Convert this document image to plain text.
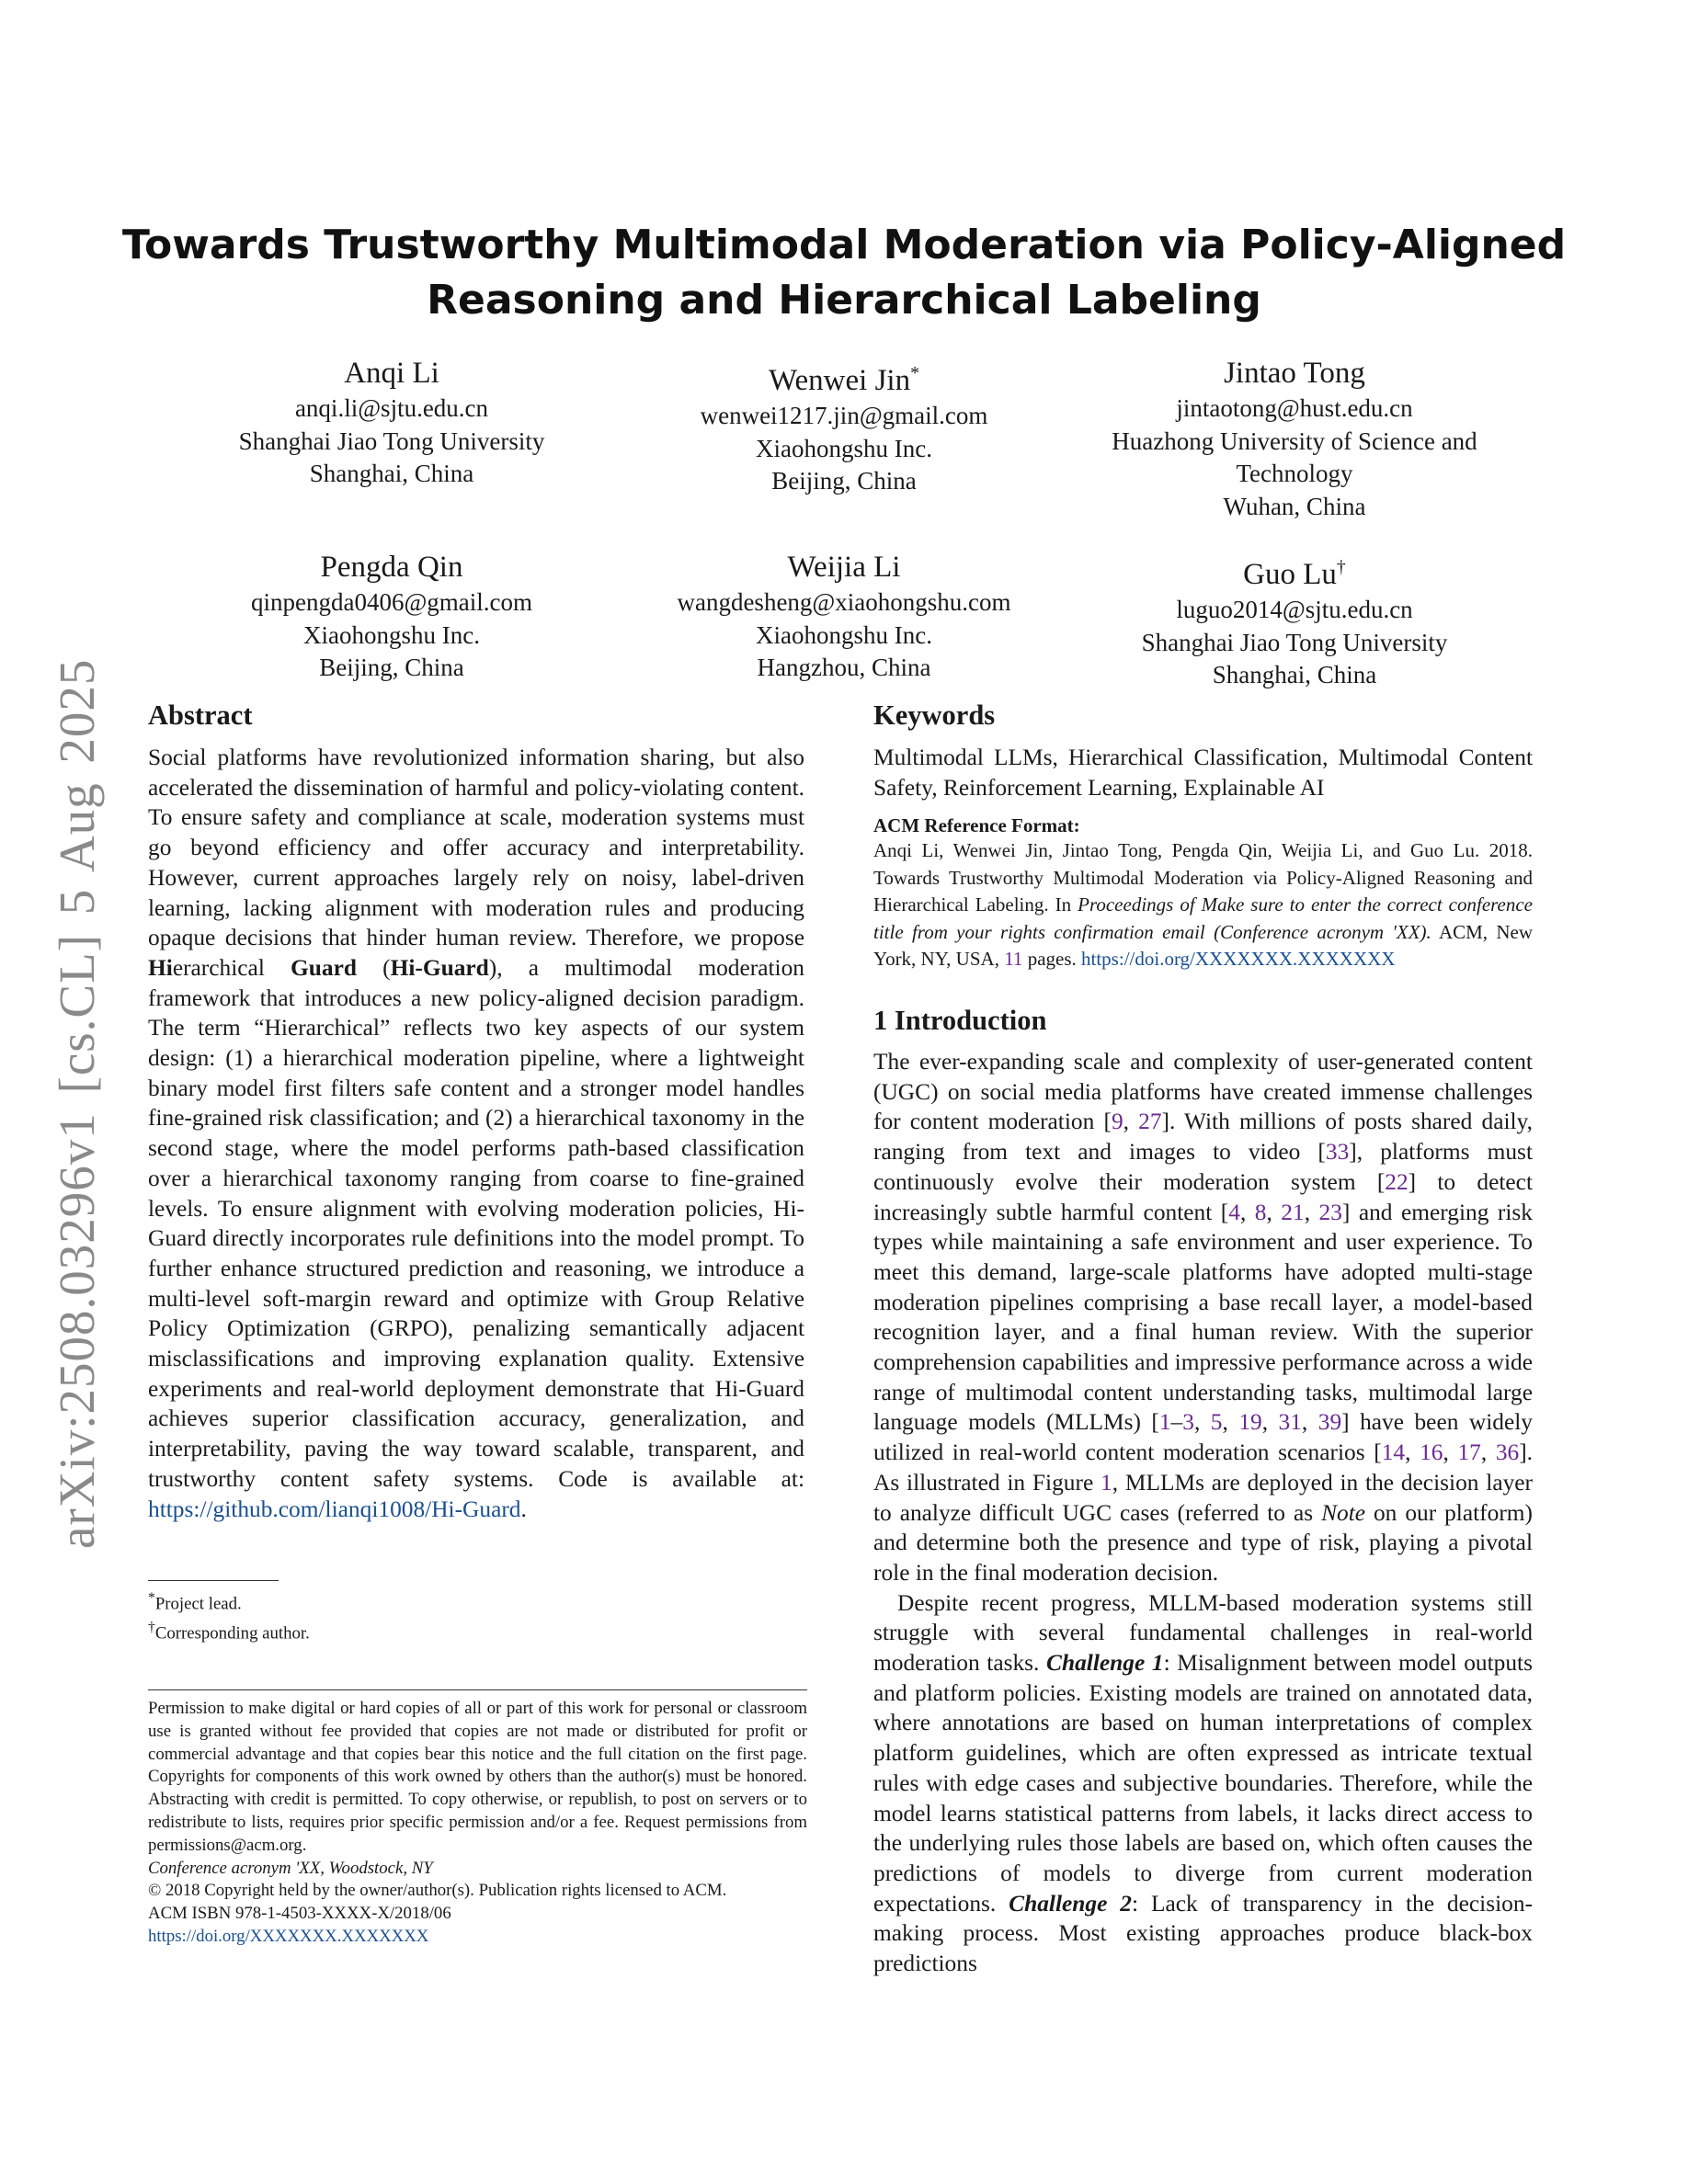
arXiv:2508.03296v1 [cs.CL] 5 Aug 2025
Towards Trustworthy Multimodal Moderation via Policy-Aligned
Reasoning and Hierarchical Labeling
Anqi Li
anqi.li@sjtu.edu.cn
Shanghai Jiao Tong University
Shanghai, China
Wenwei Jin*
wenwei1217.jin@gmail.com
Xiaohongshu Inc.
Beijing, China
Jintao Tong
jintaotong@hust.edu.cn
Huazhong University of Science and
Technology
Wuhan, China
Pengda Qin
qinpengda0406@gmail.com
Xiaohongshu Inc.
Beijing, China
Weijia Li
wangdesheng@xiaohongshu.com
Xiaohongshu Inc.
Hangzhou, China
Guo Lu†
luguo2014@sjtu.edu.cn
Shanghai Jiao Tong University
Shanghai, China
Abstract

Social platforms have revolutionized information sharing, but also accelerated the dissemination of harmful and policy-violating content. To ensure safety and compliance at scale, moderation systems must go beyond efficiency and offer accuracy and interpretability. However, current approaches largely rely on noisy, label-driven learning, lacking alignment with moderation rules and producing opaque decisions that hinder human review. Therefore, we propose Hierarchical Guard (Hi-Guard), a multimodal moderation framework that introduces a new policy-aligned decision paradigm. The term “Hierarchical” reflects two key aspects of our system design: (1) a hierarchical moderation pipeline, where a lightweight binary model first filters safe content and a stronger model handles fine-grained risk classification; and (2) a hierarchical taxonomy in the second stage, where the model performs path-based classification over a hierarchical taxonomy ranging from coarse to fine-grained levels. To ensure alignment with evolving moderation policies, Hi-Guard directly incorporates rule definitions into the model prompt. To further enhance structured prediction and reasoning, we introduce a multi-level soft-margin reward and optimize with Group Relative Policy Optimization (GRPO), penalizing semantically adjacent misclassifications and improving explanation quality. Extensive experiments and real-world deployment demonstrate that Hi-Guard achieves superior classification accuracy, generalization, and interpretability, paving the way toward scalable, transparent, and trustworthy content safety systems. Code is available at: https://github.com/lianqi1008/Hi-Guard.

*Project lead.
†Corresponding author.

Permission to make digital or hard copies of all or part of this work for personal or classroom use is granted without fee provided that copies are not made or distributed for profit or commercial advantage and that copies bear this notice and the full citation on the first page. Copyrights for components of this work owned by others than the author(s) must be honored. Abstracting with credit is permitted. To copy otherwise, or republish, to post on servers or to redistribute to lists, requires prior specific permission and/or a fee. Request permissions from permissions@acm.org.

Conference acronym 'XX, Woodstock, NY
© 2018 Copyright held by the owner/author(s). Publication rights licensed to ACM.
ACM ISBN 978-1-4503-XXXX-X/2018/06
https://doi.org/XXXXXXX.XXXXXXX
Keywords

Multimodal LLMs, Hierarchical Classification, Multimodal Content Safety, Reinforcement Learning, Explainable AI

ACM Reference Format:

Anqi Li, Wenwei Jin, Jintao Tong, Pengda Qin, Weijia Li, and Guo Lu. 2018. Towards Trustworthy Multimodal Moderation via Policy-Aligned Reasoning and Hierarchical Labeling. In Proceedings of Make sure to enter the correct conference title from your rights confirmation email (Conference acronym 'XX). ACM, New York, NY, USA, 11 pages. https://doi.org/XXXXXXX.XXXXXXX

1 Introduction

The ever-expanding scale and complexity of user-generated content (UGC) on social media platforms have created immense challenges for content moderation [9, 27]. With millions of posts shared daily, ranging from text and images to video [33], platforms must continuously evolve their moderation system [22] to detect increasingly subtle harmful content [4, 8, 21, 23] and emerging risk types while maintaining a safe environment and user experience. To meet this demand, large-scale platforms have adopted multi-stage moderation pipelines comprising a base recall layer, a model-based recognition layer, and a final human review. With the superior comprehension capabilities and impressive performance across a wide range of multimodal content understanding tasks, multimodal large language models (MLLMs) [1–3, 5, 19, 31, 39] have been widely utilized in real-world content moderation scenarios [14, 16, 17, 36]. As illustrated in Figure 1, MLLMs are deployed in the decision layer to analyze difficult UGC cases (referred to as Note on our platform) and determine both the presence and type of risk, playing a pivotal role in the final moderation decision.

Despite recent progress, MLLM-based moderation systems still struggle with several fundamental challenges in real-world moderation tasks. Challenge 1: Misalignment between model outputs and platform policies. Existing models are trained on annotated data, where annotations are based on human interpretations of complex platform guidelines, which are often expressed as intricate textual rules with edge cases and subjective boundaries. Therefore, while the model learns statistical patterns from labels, it lacks direct access to the underlying rules those labels are based on, which often causes the predictions of models to diverge from current moderation expectations. Challenge 2: Lack of transparency in the decision-making process. Most existing approaches produce black-box predictions
